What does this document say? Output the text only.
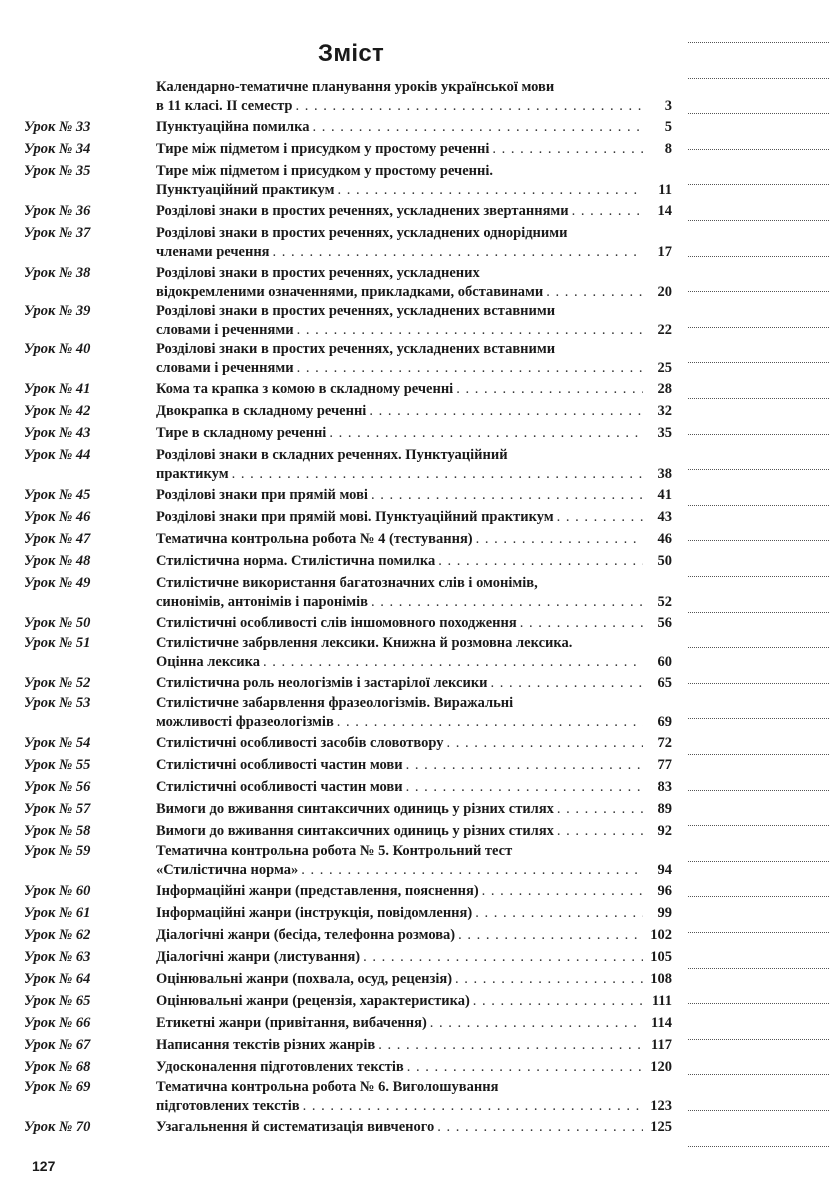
Зміст
Календарно-тематичне планування уроків української мови
в 11 класі. II семестр . . .	3
Урок № 33	Пунктуаційна помилка . . .	5
Урок № 34	Тире між підметом і присудком у простому реченні . . .	8
Урок № 35	Тире між підметом і присудком у простому реченні.
Пунктуаційний практикум . . .	11
Урок № 36	Розділові знаки в простих реченнях, ускладнених звертаннями . . .	14
Урок № 37	Розділові знаки в простих реченнях, ускладнених однорідними
членами речення . . .	17
Урок № 38	Розділові знаки в простих реченнях, ускладнених
відокремленими означеннями, прикладками, обставинами . . .	20
Урок № 39	Розділові знаки в простих реченнях, ускладнених вставними
словами і реченнями . . .	22
Урок № 40	Розділові знаки в простих реченнях, ускладнених вставними
словами і реченнями . . .	25
Урок № 41	Кома та крапка з комою в складному реченні . . .	28
Урок № 42	Двокрапка в складному реченні . . .	32
Урок № 43	Тире в складному реченні . . .	35
Урок № 44	Розділові знаки в складних реченнях. Пунктуаційний
практикум . . .	38
Урок № 45	Розділові знаки при прямій мові . . .	41
Урок № 46	Розділові знаки при прямій мові. Пунктуаційний практикум . . .	43
Урок № 47	Тематична контрольна робота № 4 (тестування) . . .	46
Урок № 48	Стилістична норма. Стилістична помилка . . .	50
Урок № 49	Стилістичне використання багатозначних слів і омонімів,
синонімів, антонімів і паронімів . . .	52
Урок № 50	Стилістичні особливості слів іншомовного походження . . .	56
Урок № 51	Стилістичне забрвлення лексики. Книжна й розмовна лексика.
Оцінна лексика . . .	60
Урок № 52	Стилістична роль неологізмів і застарілої лексики . . .	65
Урок № 53	Стилістичне забарвлення фразеологізмів. Виражальні
можливості фразеологізмів . . .	69
Урок № 54	Стилістичні особливості засобів словотвору . . .	72
Урок № 55	Стилістичні особливості частин мови . . .	77
Урок № 56	Стилістичні особливості частин мови . . .	83
Урок № 57	Вимоги до вживання синтаксичних одиниць у різних стилях . . .	89
Урок № 58	Вимоги до вживання синтаксичних одиниць у різних стилях . . .	92
Урок № 59	Тематична контрольна робота № 5. Контрольний тест
«Стилістична норма» . . .	94
Урок № 60	Інформаційні жанри (представлення, пояснення) . . .	96
Урок № 61	Інформаційні жанри (інструкція, повідомлення) . . .	99
Урок № 62	Діалогічні жанри (бесіда, телефонна розмова) . . .	102
Урок № 63	Діалогічні жанри (листування) . . .	105
Урок № 64	Оцінювальні жанри (похвала, осуд, рецензія) . . .	108
Урок № 65	Оцінювальні жанри (рецензія, характеристика) . . .	111
Урок № 66	Етикетні жанри (привітання, вибачення) . . .	114
Урок № 67	Написання текстів різних жанрів . . .	117
Урок № 68	Удосконалення підготовлених текстів . . .	120
Урок № 69	Тематична контрольна робота № 6. Виголошування
підготовлених текстів . . .	123
Урок № 70	Узагальнення й систематизація вивченого . . .	125
127
